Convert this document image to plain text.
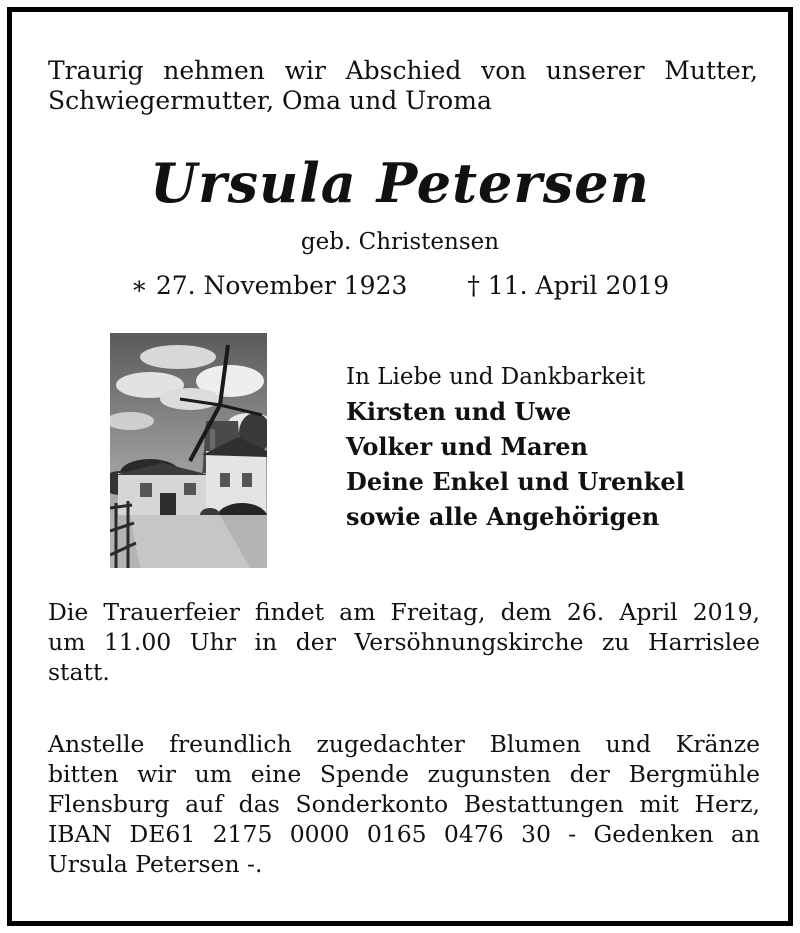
Traurig nehmen wir Abschied von unserer Mutter,
Schwiegermutter, Oma und Uroma
Ursula Petersen
geb. Christensen
∗ 27. November 1923 † 11. April 2019
In Liebe und Dankbarkeit
Kirsten und Uwe
Volker und Maren
Deine Enkel und Urenkel
sowie alle Angehörigen
Die Trauerfeier findet am Freitag, dem 26. April 2019,
um 11.00 Uhr in der Versöhnungskirche zu Harrislee
statt.
Anstelle freundlich zugedachter Blumen und Kränze
bitten wir um eine Spende zugunsten der Bergmühle
Flensburg auf das Sonderkonto Bestattungen mit Herz,
IBAN DE61 2175 0000 0165 0476 30 - Gedenken an
Ursula Petersen -.
